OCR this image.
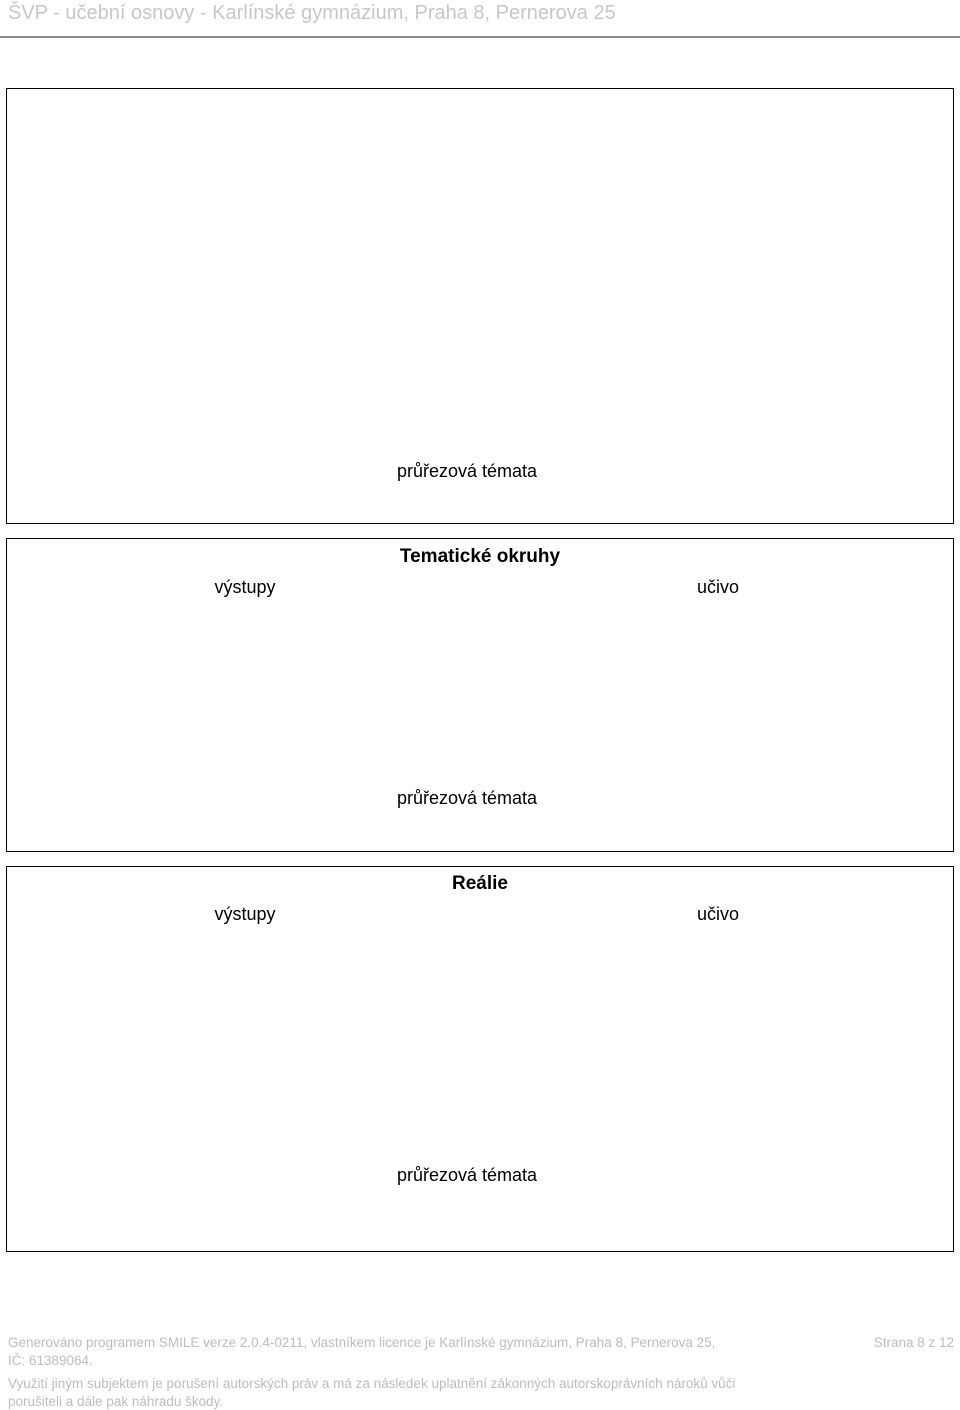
ŠVP - učební osnovy - Karlínské gymnázium, Praha 8, Pernerova 25
průřezová témata
Tematické okruhy
výstupy	učivo
průřezová témata
Reálie
výstupy	učivo
průřezová témata
Generováno programem SMILE verze 2.0.4-0211, vlastníkem licence je Karlínské gymnázium, Praha 8, Pernerova 25,
IČ: 61389064.
Strana 8 z 12
Využití jiným subjektem je porušení autorských práv a má za následek uplatnění zákonných autorskoprávních nároků vůči
porušiteli a dále pak náhradu škody.
